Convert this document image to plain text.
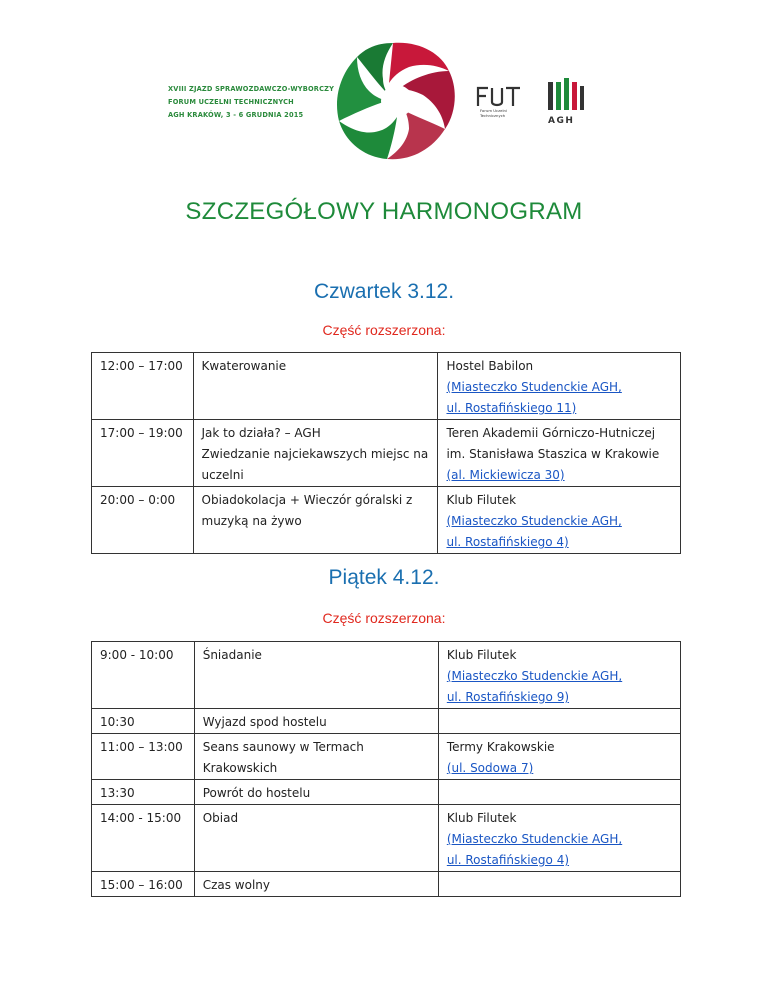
XVIII ZJAZD SPRAWOZDAWCZO-WYBORCZY
FORUM UCZELNI TECHNICZNYCH
AGH KRAKÓW, 3 - 6 GRUDNIA 2015	Forum Uczelni
Technicznych
AGH
SZCZEGÓŁOWY HARMONOGRAM
Czwartek 3.12.
Część rozszerzona:
12:00 – 17:00	Kwaterowanie	Hostel Babilon
(Miasteczko Studenckie AGH,
ul. Rostafińskiego 11)

17:00 – 19:00	Jak to działa? – AGH
Zwiedzanie najciekawszych miejsc na
uczelni	Teren Akademii Górniczo-Hutniczej
im. Stanisława Staszica w Krakowie
(al. Mickiewicza 30)

20:00 – 0:00	Obiadokolacja + Wieczór góralski z
muzyką na żywo	Klub Filutek
(Miasteczko Studenckie AGH,
ul. Rostafińskiego 4)
Piątek 4.12.
Część rozszerzona:
9:00 - 10:00	Śniadanie	Klub Filutek
(Miasteczko Studenckie AGH,
ul. Rostafińskiego 9)

10:30	Wyjazd spod hostelu	
11:00 – 13:00	Seans saunowy w Termach
Krakowskich	Termy Krakowskie
(ul. Sodowa 7)

13:30	Powrót do hostelu	
14:00 - 15:00	Obiad	Klub Filutek
(Miasteczko Studenckie AGH,
ul. Rostafińskiego 4)

15:00 – 16:00	Czas wolny	
